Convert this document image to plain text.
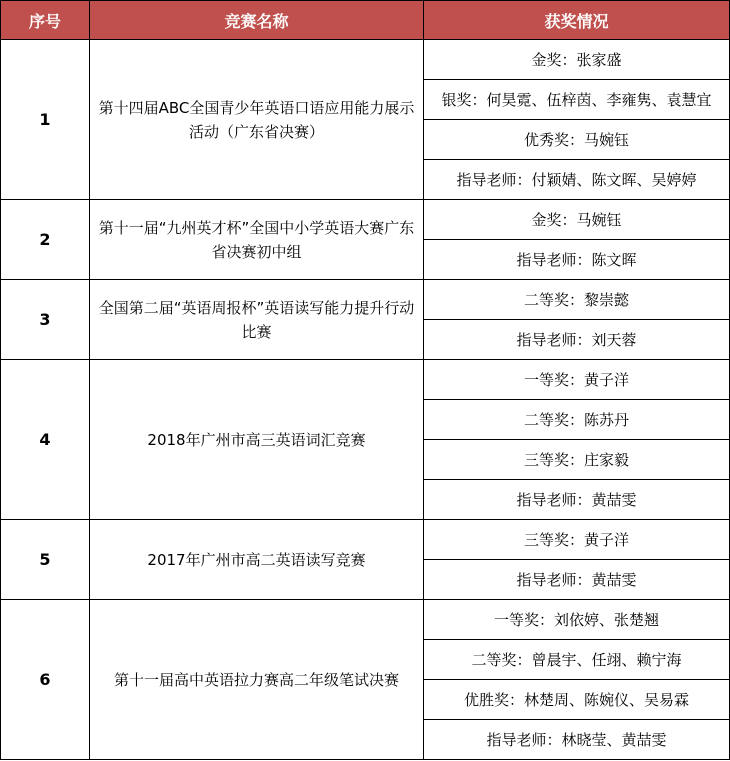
序号	竞赛名称	获奖情况
1	第十四届ABC全国青少年英语口语应用能力展示活动（广东省决赛）	金奖：张家盛
		银奖：何昊霓、伍梓茵、李雍隽、袁慧宜
		优秀奖：马婉钰
		指导老师：付颖婧、陈文晖、吴婷婷
2	第十一届“九州英才杯”全国中小学英语大赛广东省决赛初中组	金奖：马婉钰
		指导老师：陈文晖
3	全国第二届“英语周报杯”英语读写能力提升行动比赛	二等奖：黎崇懿
		指导老师：刘天蓉
4	2018年广州市高三英语词汇竞赛	一等奖：黄子洋
		二等奖：陈苏丹
		三等奖：庄家毅
		指导老师：黄喆雯
5	2017年广州市高二英语读写竞赛	三等奖：黄子洋
		指导老师：黄喆雯
6	第十一届高中英语拉力赛高二年级笔试决赛	一等奖：刘依婷、张楚翘
		二等奖：曾晨宇、任翊、赖宁海
		优胜奖：林楚周、陈婉仪、吴易霖
		指导老师：林晓莹、黄喆雯
